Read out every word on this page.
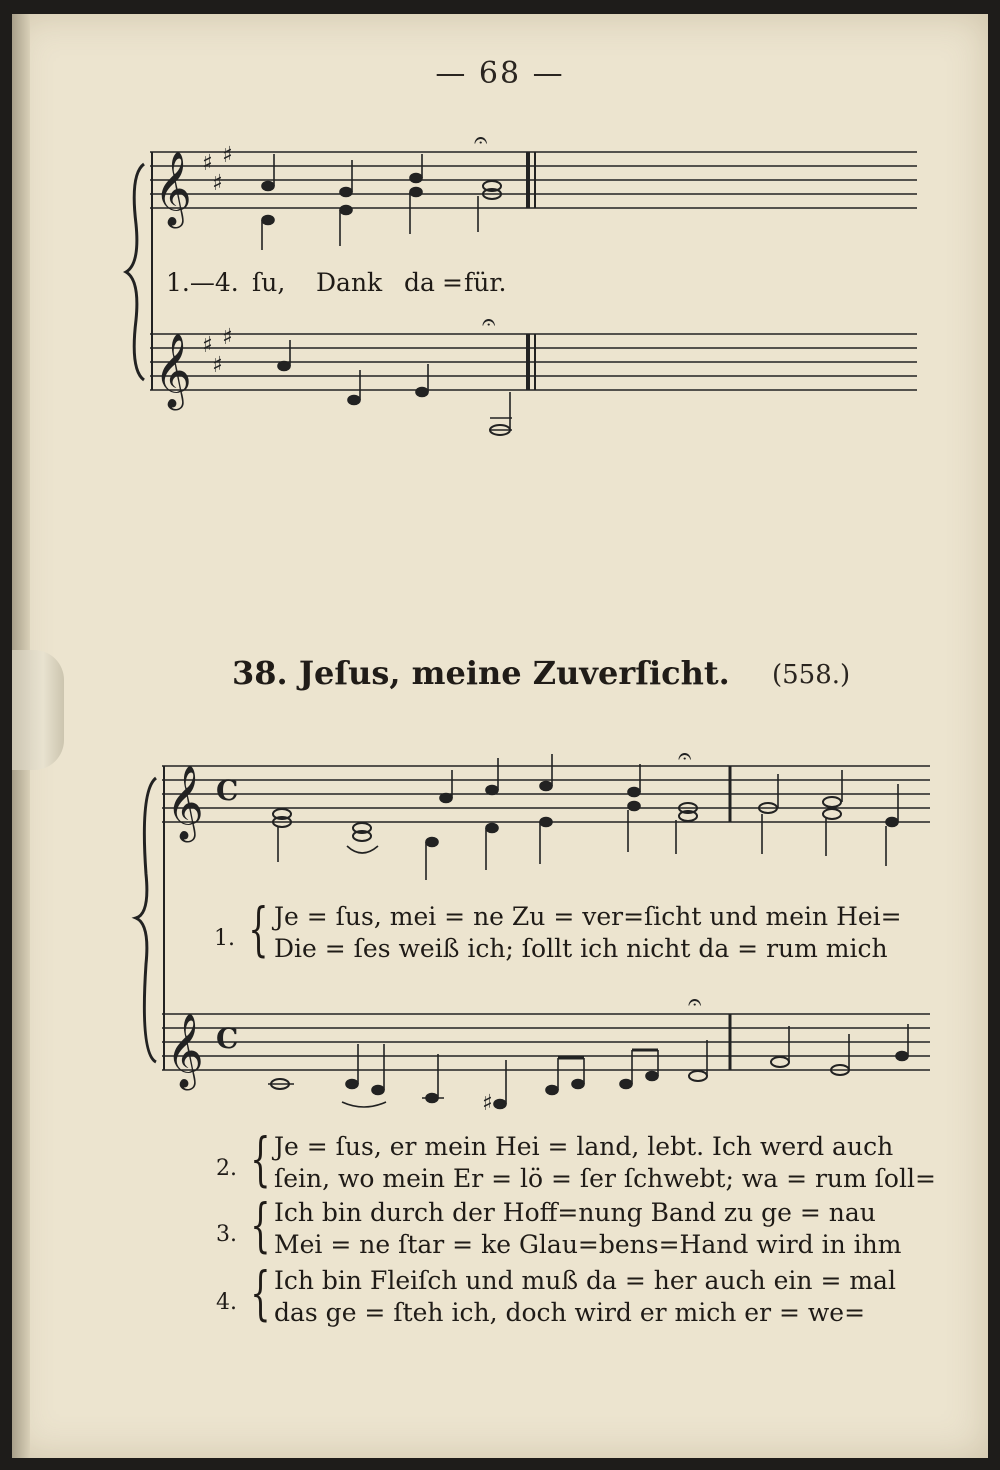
— 68 —
𝄞 ♯
♯
♯
𝄞 ♯
♯
♯
𝄞 C
𝄞 C
𝄐
𝄐
𝄐
𝄐
♯
1.—4. ſu, Dank da = für.
38. Jeſus, meine Zuverſicht. (558.)
1. { Je = ſus, mei = ne Zu = ver=ſicht und mein Hei=
Die = ſes weiß ich; ſollt ich nicht da = rum mich
2. { Je = ſus, er mein Hei = land, lebt. Ich werd auch
ſein, wo mein Er = lö = ſer ſchwebt; wa = rum ſoll=
3. { Ich bin durch der Hoff=nung Band zu ge = nau
Mei = ne ſtar = ke Glau=bens=Hand wird in ihm
4. { Ich bin Fleiſch und muß da = her auch ein = mal
das ge = ſteh ich, doch wird er mich er = we=
